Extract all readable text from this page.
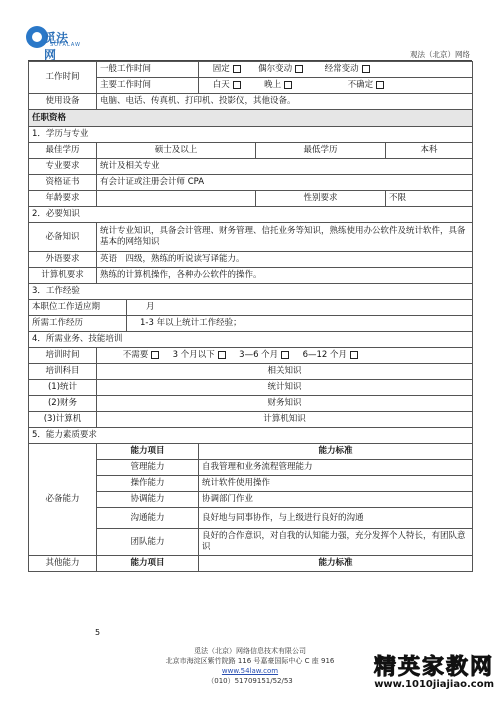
觅法网
SOFALAW
观法（北京）网络
工作时间	一般工作时间		固定 偶尔变动 经常变动		
	主要工作时间		白天 晚上 不确定		
使用设备	电脑、电话、传真机、打印机、投影仪，其他设备。				
任职资格					
1．学历与专业					
最佳学历	硕士及以上			最低学历	本科
专业要求	统计及相关专业				
资格证书	有会计证或注册会计师 CPA				
年龄要求				性别要求	不限
2．必要知识					
必备知识	统计专业知识，具备会计管理、财务管理、信托业务等知识，熟练使用办公软件及统计软件，具备基本的网络知识				
外语要求	英语　四级，熟练的听说读写译能力。				
计算机要求	熟练的计算机操作，各种办公软件的操作。				
3．工作经验					
本职位工作适应期		月			
所需工作经历		1-3 年以上统计工作经验；			
4．所需业务、技能培训					
培训时间	不需要 3 个月以下 3—6 个月 6—12 个月				
培训科目	相关知识				
(1)统计	统计知识				
(2)财务	财务知识				
(3)计算机	计算机知识				
5．能力素质要求					
必备能力	能力项目		能力标准		
	管理能力		自我管理和业务流程管理能力		
	操作能力		统计软件使用操作		
	协调能力		协调部门作业		
	沟通能力		良好地与同事协作，与上级进行良好的沟通		
	团队能力		良好的合作意识，对自我的认知能力强，充分发挥个人特长，有团队意识		
其他能力	能力项目		能力标准		
5
觅法（北京）网络信息技术有限公司
北京市海淀区紫竹院路 116 号嘉豪国际中心 C 座 916
www.54law.com
（010）51709151/52/53
精英家教网
www.1010jiajiao.com
